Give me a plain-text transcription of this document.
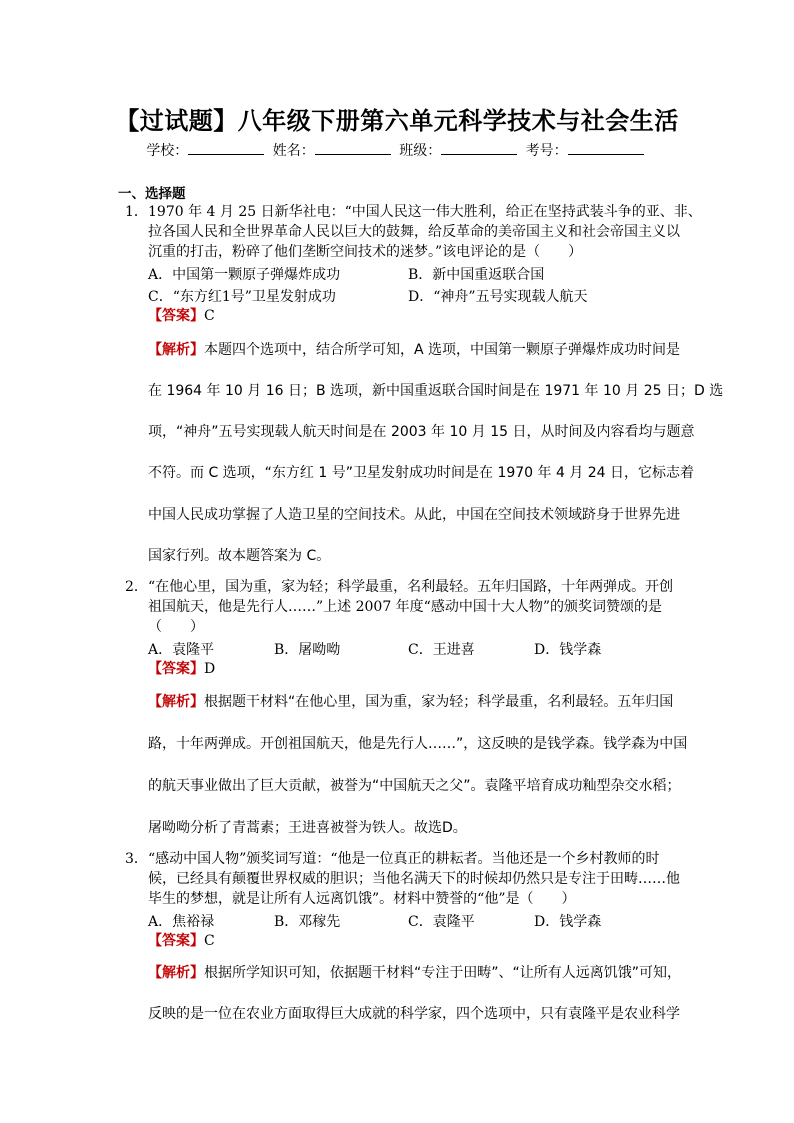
【过试题】八年级下册第六单元科学技术与社会生活
学校：	姓名：	班级：	考号：
一、选择题
1． 1970 年 4 月 25 日新华社电：“中国人民这一伟大胜利，给正在坚持武装斗争的亚、非、
拉各国人民和全世界革命人民以巨大的鼓舞，给反革命的美帝国主义和社会帝国主义以
沉重的打击，粉碎了他们垄断空间技术的迷梦。”该电评论的是（　　）
A．中国第一颗原子弹爆炸成功	B．新中国重返联合国
C．“东方红1号”卫星发射成功	D．“神舟”五号实现载人航天
【答案】C
【解析】本题四个选项中，结合所学可知，A 选项，中国第一颗原子弹爆炸成功时间是
在 1964 年 10 月 16 日；B 选项，新中国重返联合国时间是在 1971 年 10 月 25 日；D 选
项，“神舟”五号实现载人航天时间是在 2003 年 10 月 15 日，从时间及内容看均与题意
不符。而 C 选项，“东方红 1 号”卫星发射成功时间是在 1970 年 4 月 24 日，它标志着
中国人民成功掌握了人造卫星的空间技术。从此，中国在空间技术领域跻身于世界先进
国家行列。故本题答案为 C。
2． “在他心里，国为重，家为轻；科学最重，名利最轻。五年归国路，十年两弹成。开创
祖国航天，他是先行人……”上述 2007 年度“感动中国十大人物”的颁奖词赞颂的是
（　　）
A．袁隆平	B．屠呦呦	C．王进喜	D．钱学森
【答案】D
【解析】根据题干材料“在他心里，国为重，家为轻；科学最重，名利最轻。五年归国
路，十年两弹成。开创祖国航天，他是先行人……”，这反映的是钱学森。钱学森为中国
的航天事业做出了巨大贡献，被誉为“中国航天之父”。袁隆平培育成功籼型杂交水稻；
屠呦呦分析了青蒿素；王进喜被誉为铁人。故选D。
3． “感动中国人物”颁奖词写道：“他是一位真正的耕耘者。当他还是一个乡村教师的时
候，已经具有颠覆世界权威的胆识；当他名满天下的时候却仍然只是专注于田畴……他
毕生的梦想，就是让所有人远离饥饿”。材料中赞誉的“他”是（　　）
A．焦裕禄	B．邓稼先	C．袁隆平	D．钱学森
【答案】C
【解析】根据所学知识可知，依据题干材料“专注于田畴”、“让所有人远离饥饿”可知，
反映的是一位在农业方面取得巨大成就的科学家，四个选项中，只有袁隆平是农业科学
